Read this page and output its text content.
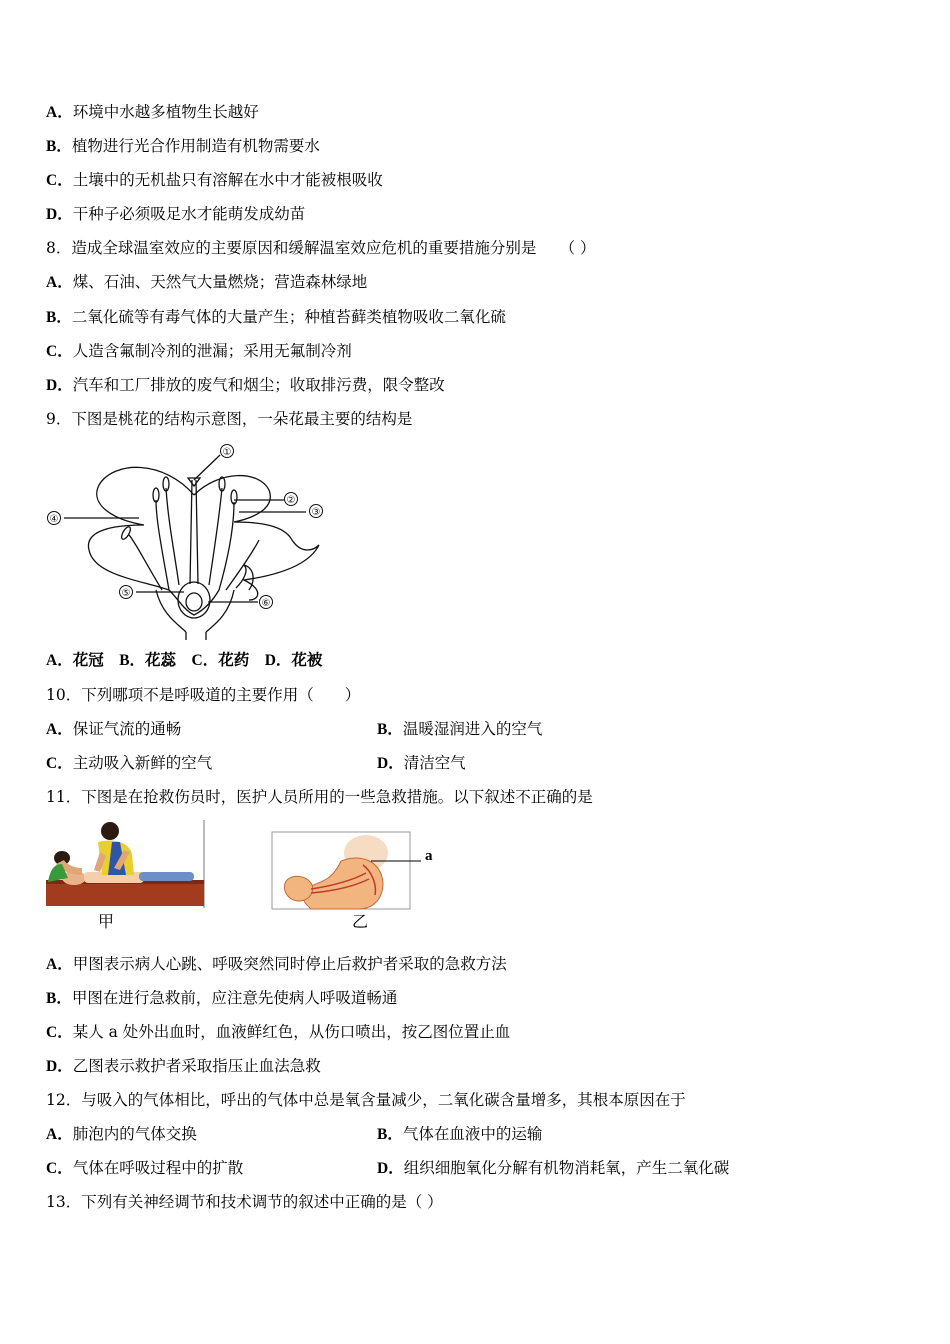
A．环境中水越多植物生长越好
B．植物进行光合作用制造有机物需要水
C．土壤中的无机盐只有溶解在水中才能被根吸收
D．干种子必须吸足水才能萌发成幼苗
8．造成全球温室效应的主要原因和缓解温室效应危机的重要措施分别是　　（ ）
A．煤、石油、天然气大量燃烧；营造森林绿地
B．二氧化硫等有毒气体的大量产生；种植苔藓类植物吸收二氧化硫
C．人造含氟制冷剂的泄漏；采用无氟制冷剂
D．汽车和工厂排放的废气和烟尘；收取排污费，限令整改
9．下图是桃花的结构示意图，一朵花最主要的结构是
①
②
③
④
⑤
⑥
A．花冠　B．花蕊　C．花药　D．花被
10．下列哪项不是呼吸道的主要作用（　　）
A．保证气流的通畅	B．温暖湿润进入的空气
C．主动吸入新鲜的空气	D．清洁空气
11．下图是在抢救伤员时，医护人员所用的一些急救措施。以下叙述不正确的是
甲
a
乙
A．甲图表示病人心跳、呼吸突然同时停止后救护者采取的急救方法
B．甲图在进行急救前，应注意先使病人呼吸道畅通
C．某人 a 处外出血时，血液鲜红色，从伤口喷出，按乙图位置止血
D．乙图表示救护者采取指压止血法急救
12．与吸入的气体相比，呼出的气体中总是氧含量减少，二氧化碳含量增多，其根本原因在于
A．肺泡内的气体交换	B．气体在血液中的运输
C．气体在呼吸过程中的扩散	D．组织细胞氧化分解有机物消耗氧，产生二氧化碳
13．下列有关神经调节和技术调节的叙述中正确的是（ ）
